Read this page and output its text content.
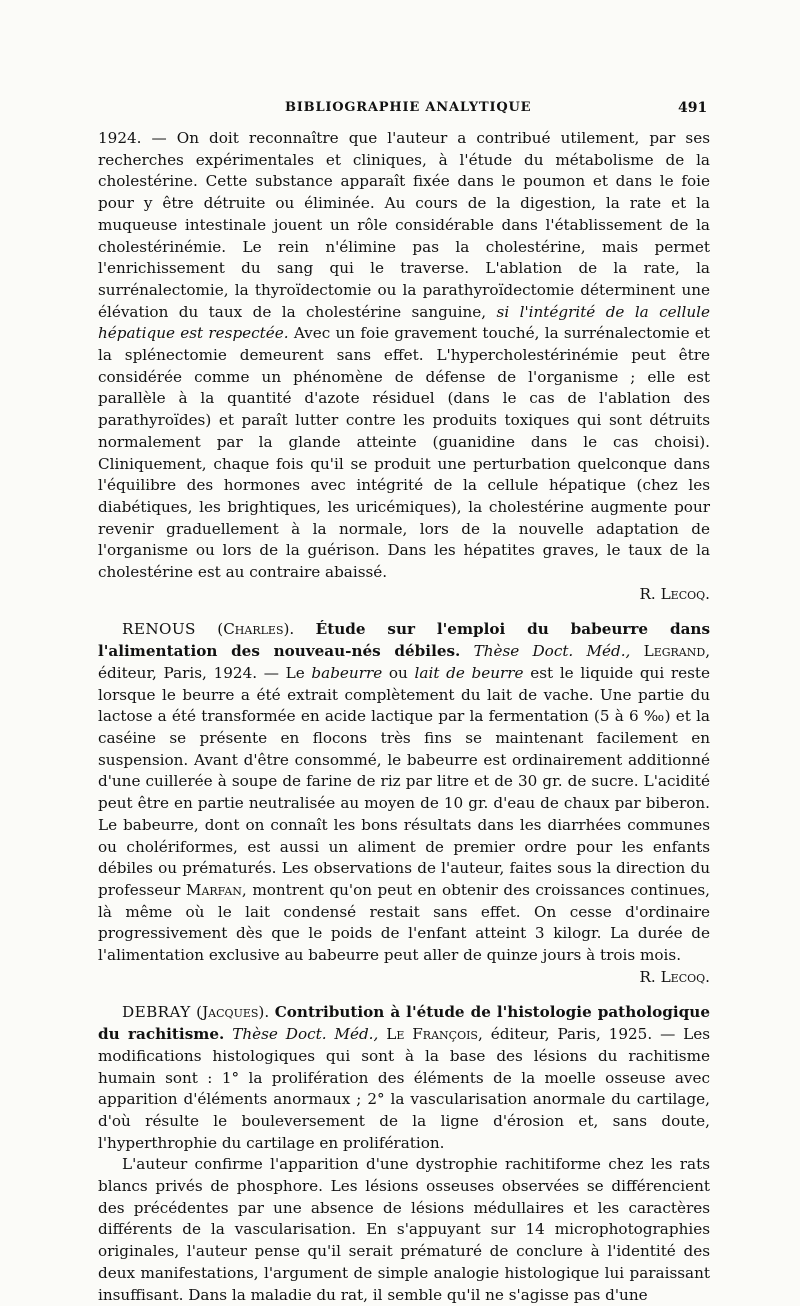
BIBLIOGRAPHIE ANALYTIQUE	491

1924. — On doit reconnaître que l'auteur a contribué utilement, par ses recherches expérimentales et cliniques, à l'étude du métabolisme de la cholestérine. Cette substance apparaît fixée dans le poumon et dans le foie pour y être détruite ou éliminée. Au cours de la digestion, la rate et la muqueuse intestinale jouent un rôle considérable dans l'établissement de la cholestérinémie. Le rein n'élimine pas la cholestérine, mais permet l'enrichissement du sang qui le traverse. L'ablation de la rate, la surrénalectomie, la thyroïdectomie ou la parathyroïdectomie déterminent une élévation du taux de la cholestérine sanguine, si l'intégrité de la cellule hépatique est respectée. Avec un foie gravement touché, la surrénalectomie et la splénectomie demeurent sans effet. L'hypercholestérinémie peut être considérée comme un phénomène de défense de l'organisme ; elle est parallèle à la quantité d'azote résiduel (dans le cas de l'ablation des parathyroïdes) et paraît lutter contre les produits toxiques qui sont détruits normalement par la glande atteinte (guanidine dans le cas choisi). Cliniquement, chaque fois qu'il se produit une perturbation quelconque dans l'équilibre des hormones avec intégrité de la cellule hépatique (chez les diabétiques, les brightiques, les uricémiques), la cholestérine augmente pour revenir graduellement à la normale, lors de la nouvelle adaptation de l'organisme ou lors de la guérison. Dans les hépatites graves, le taux de la cholestérine est au contraire abaissé.

R. Lecoq.

RENOUS (Charles). Étude sur l'emploi du babeurre dans l'alimentation des nouveau-nés débiles. Thèse Doct. Méd., Legrand, éditeur, Paris, 1924. — Le babeurre ou lait de beurre est le liquide qui reste lorsque le beurre a été extrait complètement du lait de vache. Une partie du lactose a été transformée en acide lactique par la fermentation (5 à 6 ‰) et la caséine se présente en flocons très fins se maintenant facilement en suspension. Avant d'être consommé, le babeurre est ordinairement additionné d'une cuillerée à soupe de farine de riz par litre et de 30 gr. de sucre. L'acidité peut être en partie neutralisée au moyen de 10 gr. d'eau de chaux par biberon. Le babeurre, dont on connaît les bons résultats dans les diarrhées communes ou cholériformes, est aussi un aliment de premier ordre pour les enfants débiles ou prématurés. Les observations de l'auteur, faites sous la direction du professeur Marfan, montrent qu'on peut en obtenir des croissances continues, là même où le lait condensé restait sans effet. On cesse d'ordinaire progressivement dès que le poids de l'enfant atteint 3 kilogr. La durée de l'alimentation exclusive au babeurre peut aller de quinze jours à trois mois.

R. Lecoq.

DEBRAY (Jacques). Contribution à l'étude de l'histologie pathologique du rachitisme. Thèse Doct. Méd., Le François, éditeur, Paris, 1925. — Les modifications histologiques qui sont à la base des lésions du rachitisme humain sont : 1° la prolifération des éléments de la moelle osseuse avec apparition d'éléments anormaux ; 2° la vascularisation anormale du cartilage, d'où résulte le bouleversement de la ligne d'érosion et, sans doute, l'hyperthrophie du cartilage en prolifération.

L'auteur confirme l'apparition d'une dystrophie rachitiforme chez les rats blancs privés de phosphore. Les lésions osseuses observées se différencient des précédentes par une absence de lésions médullaires et les caractères différents de la vascularisation. En s'appuyant sur 14 microphotographies originales, l'auteur pense qu'il serait prématuré de conclure à l'identité des deux manifestations, l'argument de simple analogie histologique lui paraissant insuffisant. Dans la maladie du rat, il semble qu'il ne s'agisse pas d'une
